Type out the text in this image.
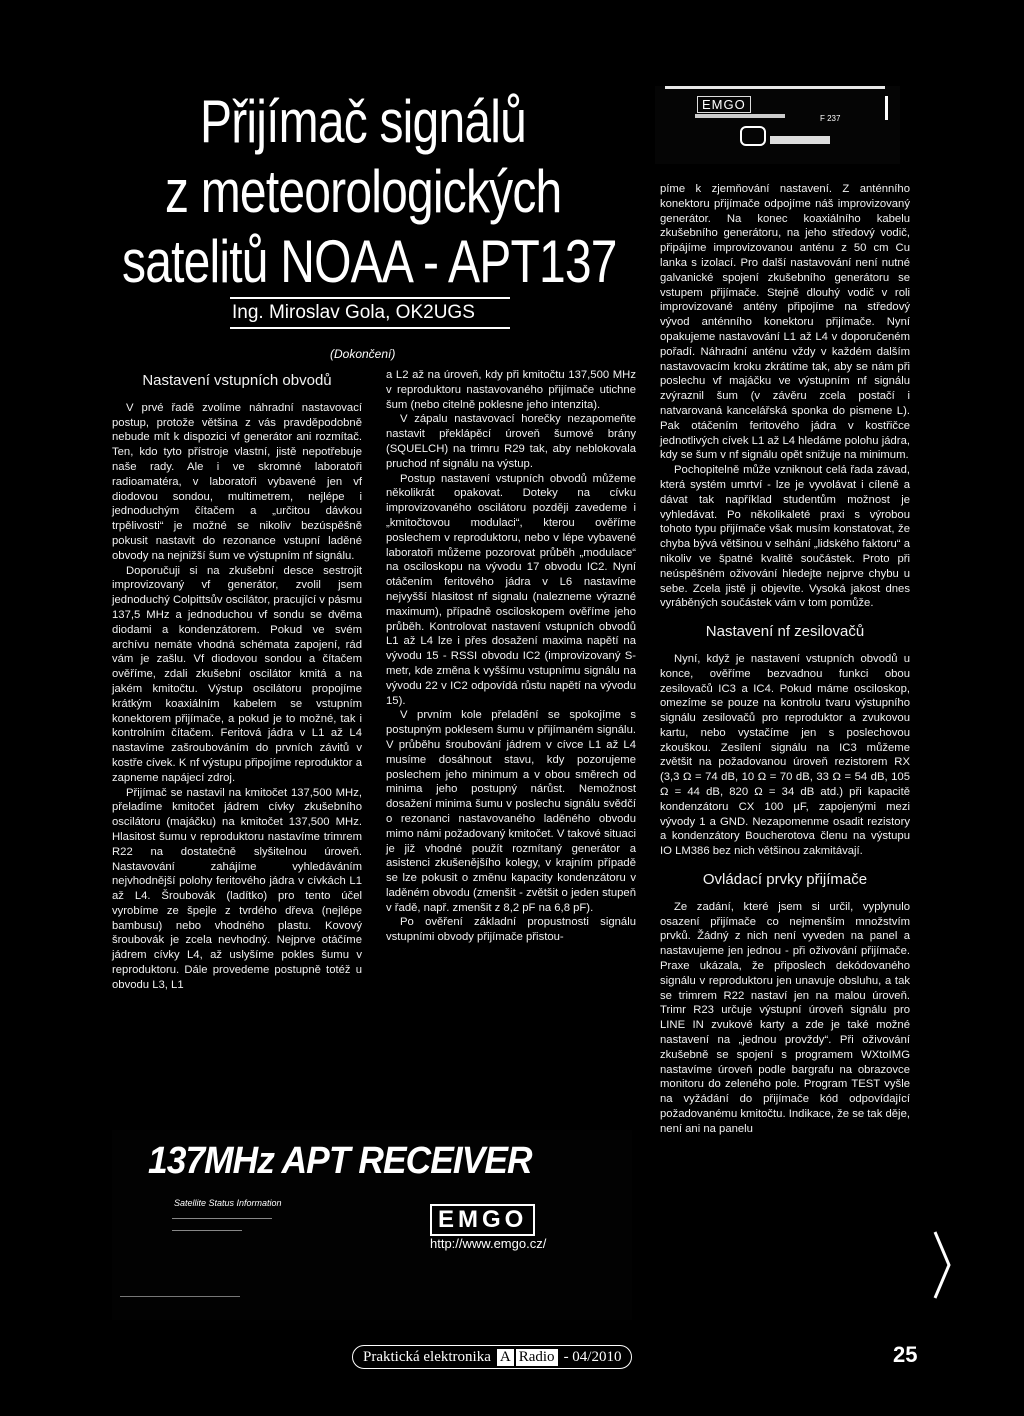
Přijímač signálů
z meteorologických
satelitů NOAA - APT137
Ing. Miroslav Gola, OK2UGS
(Dokončení)
Nastavení vstupních obvodů

V prvé řadě zvolíme náhradní nastavovací postup, protože většina z vás pravděpodobně nebude mít k dispozici vf generátor ani rozmítač. Ten, kdo tyto přístroje vlastní, jistě nepotřebuje naše rady. Ale i ve skromné laboratoři radioamatéra, v laboratoři vybavené jen vf diodovou sondou, multimetrem, nejlépe i jednoduchým čítačem a „určitou dávkou trpělivosti“ je možné se nikoliv bezúspěšně pokusit nastavit do rezonance vstupní laděné obvody na nejnižší šum ve výstupním nf signálu.

Doporučuji si na zkušební desce sestrojit improvizovaný vf generátor, zvolil jsem jednoduchý Colpittsův oscilátor, pracující v pásmu 137,5 MHz a jednoduchou vf sondu se dvěma diodami a kondenzátorem. Pokud ve svém archívu nemáte vhodná schémata zapojení, rád vám je zašlu. Vf diodovou sondou a čítačem ověříme, zdali zkušební oscilátor kmitá a na jakém kmitočtu. Výstup oscilátoru propojíme krátkým koaxiálním kabelem se vstupním konektorem přijímače, a pokud je to možné, tak i kontrolním čítačem. Feritová jádra v L1 až L4 nastavíme zašroubováním do prvních závitů v kostře cívek. K nf výstupu připojíme reproduktor a zapneme napájecí zdroj.

Přijímač se nastavil na kmitočet 137,500 MHz, přeladíme kmitočet jádrem cívky zkušebního oscilátoru (majáčku) na kmitočet 137,500 MHz. Hlasitost šumu v reproduktoru nastavíme trimrem R22 na dostatečně slyšitelnou úroveň. Nastavování zahájíme vyhledáváním nejvhodnější polohy feritového jádra v cívkách L1 až L4. Šroubovák (ladítko) pro tento účel vyrobíme ze špejle z tvrdého dřeva (nejlépe bambusu) nebo vhodného plastu. Kovový šroubovák je zcela nevhodný. Nejprve otáčíme jádrem cívky L4, až uslyšíme pokles šumu v reproduktoru. Dále provedeme postupně totéž u obvodu L3, L1

a L2 až na úroveň, kdy při kmitočtu 137,500 MHz v reproduktoru nastavovaného přijímače utichne šum (nebo citelně poklesne jeho intenzita).

V zápalu nastavovací horečky nezapomeňte nastavit překlápěcí úroveň šumové brány (SQUELCH) na trimru R29 tak, aby neblokovala pruchod nf signálu na výstup.

Postup nastavení vstupních obvodů můžeme několikrát opakovat. Doteky na cívku improvizovaného oscilátoru později zavedeme i „kmitočtovou modulaci“, kterou ověříme poslechem v reproduktoru, nebo v lépe vybavené laboratoři můžeme pozorovat průběh „modulace“ na osciloskopu na vývodu 17 obvodu IC2. Nyní otáčením feritového jádra v L6 nastavíme nejvyšší hlasitost nf signalu (nalezneme výrazné maximum), případně osciloskopem ověříme jeho průběh. Kontrolovat nastavení vstupních obvodů L1 až L4 lze i přes dosažení maxima napětí na vývodu 15 - RSSI obvodu IC2 (improvizovaný S-metr, kde změna k vyššímu vstupnímu signálu na vývodu 22 v IC2 odpovídá růstu napětí na vývodu 15).

V prvním kole přeladění se spokojíme s postupným poklesem šumu v přijímaném signálu. V průběhu šroubování jádrem v cívce L1 až L4 musíme dosáhnout stavu, kdy pozorujeme poslechem jeho minimum a v obou směrech od minima jeho postupný nárůst. Nemožnost dosažení minima šumu v poslechu signálu svědčí o rezonanci nastavovaného laděného obvodu mimo námi požadovaný kmitočet. V takové situaci je již vhodné použít rozmítaný generátor a asistenci zkušenějšího kolegy, v krajním případě se lze pokusit o změnu kapacity kondenzátoru v laděném obvodu (zmenšit - zvětšit o jeden stupeň v řadě, např. zmenšit z 8,2 pF na 6,8 pF).

Po ověření základní propustnosti signálu vstupními obvody přijímače přistou-

píme k zjemňování nastavení. Z anténního konektoru přijímače odpojíme náš improvizovaný generátor. Na konec koaxiálního kabelu zkušebního generátoru, na jeho středový vodič, připájíme improvizovanou anténu z 50 cm Cu lanka s izolací. Pro další nastavování není nutné galvanické spojení zkušebního generátoru se vstupem přijímače. Stejně dlouhý vodič v roli improvizované antény připojíme na středový vývod anténního konektoru přijímače. Nyní opakujeme nastavování L1 až L4 v doporučeném pořadí. Náhradní anténu vždy v každém dalším nastavovacím kroku zkrátíme tak, aby se nám při poslechu vf majáčku ve výstupním nf signálu zvýraznil šum (v závěru zcela postačí i natvarovaná kancelářská sponka do pismene L). Pak otáčením feritového jádra v kostřičce jednotlivých cívek L1 až L4 hledáme polohu jádra, kdy se šum v nf signálu opět snižuje na minimum.

Pochopitelně může vzniknout celá řada závad, která systém umrtví - lze je vyvolávat i cíleně a dávat tak například studentům možnost je vyhledávat. Po několikaleté praxi s výrobou tohoto typu přijímače však musím konstatovat, že chyba bývá většinou v selhání „lidského faktoru“ a nikoliv ve špatné kvalitě součástek. Proto při neúspěšném oživování hledejte nejprve chybu u sebe. Zcela jistě ji objevíte. Vysoká jakost dnes vyráběných součástek vám v tom pomůže.

Nastavení nf zesilovačů

Nyní, když je nastavení vstupních obvodů u konce, ověříme bezvadnou funkci obou zesilovačů IC3 a IC4. Pokud máme osciloskop, omezíme se pouze na kontrolu tvaru výstupního signálu zesilovačů pro reproduktor a zvukovou kartu, nebo vystačíme jen s poslechovou zkouškou. Zesílení signálu na IC3 můžeme zvětšit na požadovanou úroveň rezistorem RX (3,3 Ω = 74 dB, 10 Ω = 70 dB, 33 Ω = 54 dB, 105 Ω = 44 dB, 820 Ω = 34 dB atd.) při kapacitě kondenzátoru CX 100 µF, zapojenými mezi vývody 1 a GND. Nezapomenme osadit rezistory a kondenzátory Boucherotova členu na výstupu IO LM386 bez nich většinou zakmitávají.

Ovládací prvky přijímače

Ze zadání, které jsem si určil, vyplynulo osazení přijímače co nejmenším množstvím prvků. Žádný z nich není vyveden na panel a nastavujeme jen jednou - při oživování přijímače. Praxe ukázala, že připoslech dekódovaného signálu v reproduktoru jen unavuje obsluhu, a tak se trimrem R22 nastaví jen na malou úroveň. Trimr R23 určuje výstupní úroveň signálu pro LINE IN zvukové karty a zde je také možné nastavení na „jednou provždy“. Při oživování zkušebně se spojení s programem WXtoIMG nastavíme úroveň podle bargrafu na obrazovce monitoru do zeleného pole. Program TEST vyšle na vyžádání do přijímače kód odpovídající požadovanému kmitočtu. Indikace, že se tak děje, není ani na panelu

EMGO
F 237
137MHz APT RECEIVER
Satellite Status Information
EMGO
http://www.emgo.cz/
Praktická elektronika A Radio - 04/2010	25
